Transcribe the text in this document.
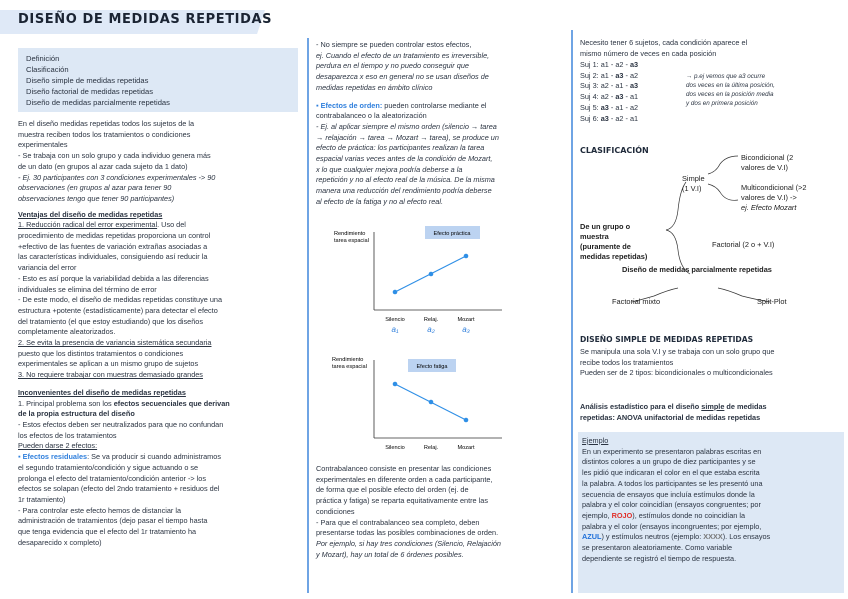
DISEÑO DE MEDIDAS REPETIDAS

Definición

Clasificación

Diseño simple de medidas repetidas

Diseño factorial de medidas repetidas

Diseño de medidas parcialmente repetidas

En el diseño medidas repetidas todos los sujetos de la

muestra reciben todos los tratamientos o condiciones

experimentales

- Se trabaja con un solo grupo y cada individuo genera más

de un dato (en grupos al azar cada sujeto da 1 dato)

- Ej. 30 participantes con 3 condiciones experimentales -> 90

observaciones (en grupos al azar para tener 90

observaciones tengo que tener 90 participantes)

Ventajas del diseño de medidas repetidas

1. Reducción radical del error experimental. Uso del

procedimiento de medidas repetidas proporciona un control

+efectivo de las fuentes de variación extrañas asociadas a

las características individuales, consiguiendo así reducir la

variancia del error

- Esto es así porque la variabilidad debida a las diferencias

individuales se elimina del término de error

- De este modo, el diseño de medidas repetidas constituye una

estructura +potente (estadísticamente) para detectar el efecto

del tratamiento (el que estoy estudiando) que los diseños

completamente aleatorizados.

2. Se evita la presencia de variancia sistemática secundaria

puesto que los distintos tratamientos o condiciones

experimentales se aplican a un mismo grupo de sujetos

3. No requiere trabajar con muestras demasiado grandes

Inconvenientes del diseño de medidas repetidas

1. Principal problema son los efectos secuenciales que derivan

de la propia estructura del diseño

- Estos efectos deben ser neutralizados para que no confundan

los efectos de los tratamientos

Pueden darse 2 efectos:

▪ Efectos residuales: Se va producir si cuando administramos

el segundo tratamiento/condición y sigue actuando o se

prolonga el efecto del tratamiento/condición anterior -> los

efectos se solapan (efecto del 2ndo tratamiento + residuos del

1r tratamiento)

- Para controlar este efecto hemos de distanciar la

administración de tratamientos (dejo pasar el tiempo hasta

que tenga evidencia que el efecto del 1r tratamiento ha

desaparecido x completo)

- No siempre se pueden controlar estos efectos,

ej. Cuando el efecto de un tratamiento es irreversible,

perdura en el tiempo y no puedo conseguir que

desaparezca x eso en general no se usan diseños de

medidas repetidas en ámbito clínico

▪ Efectos de orden: pueden controlarse mediante el

contrabalanceo o la aleatorización

- Ej. al aplicar siempre el mismo orden (silencio → tarea

→ relajación → tarea → Mozart → tarea), se produce un

efecto de práctica: los participantes realizan la tarea

espacial varias veces antes de la condición de Mozart,

x lo que cualquier mejora podría deberse a la

repetición y no al efecto real de la música. De la misma

manera una reducción del rendimiento podría deberse

al efecto de la fatiga y no al efecto real.

Efecto práctica
Rendimiento tarea espacial
Silencio
a₁
Relaj.
a₂
Mozart
a₃
Efecto fatiga
Rendimiento tarea espacial
Silencio	Relaj.	Mozart

Contrabalanceo consiste en presentar las condiciones

experimentales en diferente orden a cada participante,

de forma que el posible efecto del orden (ej. de

práctica y fatiga) se reparta equitativamente entre las

condiciones

- Para que el contrabalanceo sea completo, deben

presentarse todas las posibles combinaciones de orden.

Por ejemplo, si hay tres condiciones (Silencio, Relajación

y Mozart), hay un total de 6 órdenes posibles.

Necesito tener 6 sujetos, cada condición aparece el

mismo número de veces en cada posición

Suj 1: a1 - a2 - a3

Suj 2: a1 - a3 - a2

Suj 3: a2 - a1 - a3

Suj 4: a2 - a3 - a1

Suj 5: a3 - a1 - a2

Suj 6: a3 - a2 - a1

→ p.ej vemos que a3 ocurre

dos veces en la última posición,

dos veces en la posición media

y dos en primera posición

CLASIFICACIÓN
De un grupo o
muestra
(puramente de
medidas repetidas)
Simple
(1 V.I)
Bicondicional (2
valores de V.I)
Multicondicional (>2
valores de V.I) ->
ej. Efecto Mozart
Factorial (2 o + V.I)
Diseño de medidas parcialmente repetidas
Factorial mixto	Split-Plot
DISEÑO SIMPLE DE MEDIDAS REPETIDAS

Se manipula una sola V.I y se trabaja con un solo grupo que

recibe todos los tratamientos

Pueden ser de 2 tipos: bicondicionales o multicondicionales

Análisis estadístico para el diseño simple de medidas

repetidas: ANOVA unifactorial de medidas repetidas

Ejemplo

En un experimento se presentaron palabras escritas en

distintos colores a un grupo de diez participantes y se

les pidió que indicaran el color en el que estaba escrita

la palabra. A todos los participantes se les presentó una

secuencia de ensayos que incluía estímulos donde la

palabra y el color coincidían (ensayos congruentes; por

ejemplo, ROJO), estímulos donde no coincidían la

palabra y el color (ensayos incongruentes; por ejemplo,

AZUL) y estímulos neutros (ejemplo: XXXX). Los ensayos

se presentaron aleatoriamente. Como variable

dependiente se registró el tiempo de respuesta.
